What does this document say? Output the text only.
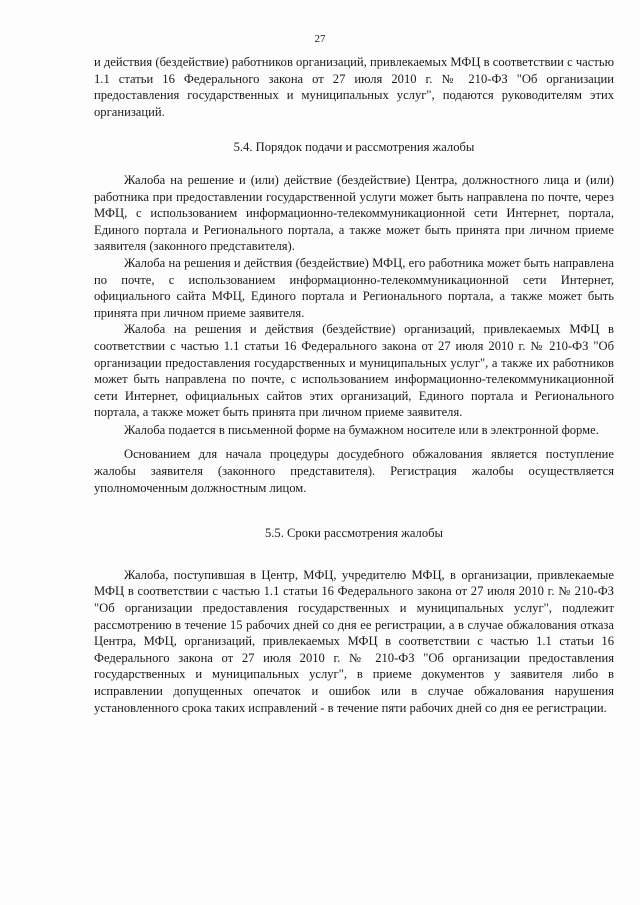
27

и действия (бездействие) работников организаций, привлекаемых МФЦ в соответствии с частью 1.1 статьи 16 Федерального закона от 27 июля 2010 г. № 210-ФЗ "Об организации предоставления государственных и муниципальных услуг", подаются руководителям этих организаций.

5.4. Порядок подачи и рассмотрения жалобы

Жалоба на решение и (или) действие (бездействие) Центра, должностного лица и (или) работника при предоставлении государственной услуги может быть направлена по почте, через МФЦ, с использованием информационно-телекоммуникационной сети Интернет, портала, Единого портала и Регионального портала, а также может быть принята при личном приеме заявителя (законного представителя).

Жалоба на решения и действия (бездействие) МФЦ, его работника может быть направлена по почте, с использованием информационно-телекоммуникационной сети Интернет, официального сайта МФЦ, Единого портала и Регионального портала, а также может быть принята при личном приеме заявителя.

Жалоба на решения и действия (бездействие) организаций, привлекаемых МФЦ в соответствии с частью 1.1 статьи 16 Федерального закона от 27 июля 2010 г. № 210-ФЗ "Об организации предоставления государственных и муниципальных услуг", а также их работников может быть направлена по почте, с использованием информационно-телекоммуникационной сети Интернет, официальных сайтов этих организаций, Единого портала и Регионального портала, а также может быть принята при личном приеме заявителя.

Жалоба подается в письменной форме на бумажном носителе или в электронной форме.

Основанием для начала процедуры досудебного обжалования является поступление жалобы заявителя (законного представителя). Регистрация жалобы осуществляется уполномоченным должностным лицом.

5.5. Сроки рассмотрения жалобы

Жалоба, поступившая в Центр, МФЦ, учредителю МФЦ, в организации, привлекаемые МФЦ в соответствии с частью 1.1 статьи 16 Федерального закона от 27 июля 2010 г. № 210-ФЗ "Об организации предоставления государственных и муниципальных услуг", подлежит рассмотрению в течение 15 рабочих дней со дня ее регистрации, а в случае обжалования отказа Центра, МФЦ, организаций, привлекаемых МФЦ в соответствии с частью 1.1 статьи 16 Федерального закона от 27 июля 2010 г. № 210-ФЗ "Об организации предоставления государственных и муниципальных услуг", в приеме документов у заявителя либо в исправлении допущенных опечаток и ошибок или в случае обжалования нарушения установленного срока таких исправлений - в течение пяти рабочих дней со дня ее регистрации.
